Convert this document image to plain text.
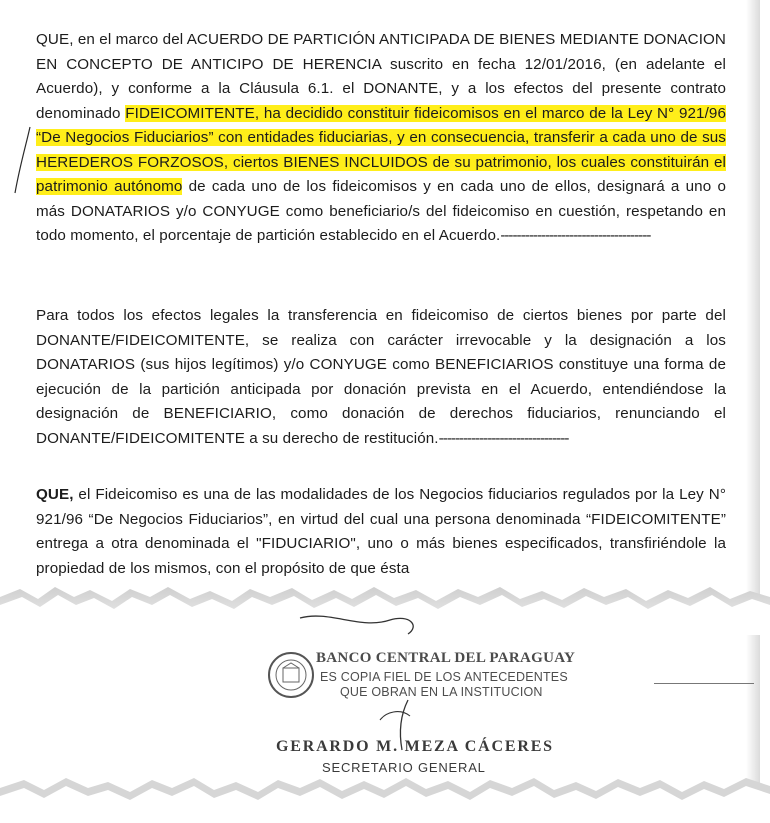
QUE, en el marco del ACUERDO DE PARTICIÓN ANTICIPADA DE BIENES MEDIANTE DONACION EN CONCEPTO DE ANTICIPO DE HERENCIA suscrito en fecha 12/01/2016, (en adelante el Acuerdo), y conforme a la Cláusula 6.1. el DONANTE, y a los efectos del presente contrato denominado FIDEICOMITENTE, ha decidido constituir fideicomisos en el marco de la Ley N° 921/96 “De Negocios Fiduciarios” con entidades fiduciarias, y en consecuencia, transferir a cada uno de sus HEREDEROS FORZOSOS, ciertos BIENES INCLUIDOS de su patrimonio, los cuales constituirán el patrimonio autónomo de cada uno de los fideicomisos y en cada uno de ellos, designará a uno o más DONATARIOS y/o CONYUGE como beneficiario/s del fideicomiso en cuestión, respetando en todo momento, el porcentaje de partición establecido en el Acuerdo.-------------------------------------
Para todos los efectos legales la transferencia en fideicomiso de ciertos bienes por parte del DONANTE/FIDEICOMITENTE, se realiza con carácter irrevocable y la designación a los DONATARIOS (sus hijos legítimos) y/o CONYUGE como BENEFICIARIOS constituye una forma de ejecución de la partición anticipada por donación prevista en el Acuerdo, entendiéndose la designación de BENEFICIARIO, como donación de derechos fiduciarios, renunciando el DONANTE/FIDEICOMITENTE a su derecho de restitución.--------------------------------
QUE, el Fideicomiso es una de las modalidades de los Negocios fiduciarios regulados por la Ley N° 921/96 “De Negocios Fiduciarios”, en virtud del cual una persona denominada “FIDEICOMITENTE” entrega a otra denominada el "FIDUCIARIO", uno o más bienes especificados, transfiriéndole la propiedad de los mismos, con el propósito de que ésta
BANCO CENTRAL DEL PARAGUAY
ES COPIA FIEL DE LOS ANTECEDENTES
QUE OBRAN EN LA INSTITUCION
GERARDO M. MEZA CÁCERES
SECRETARIO GENERAL
